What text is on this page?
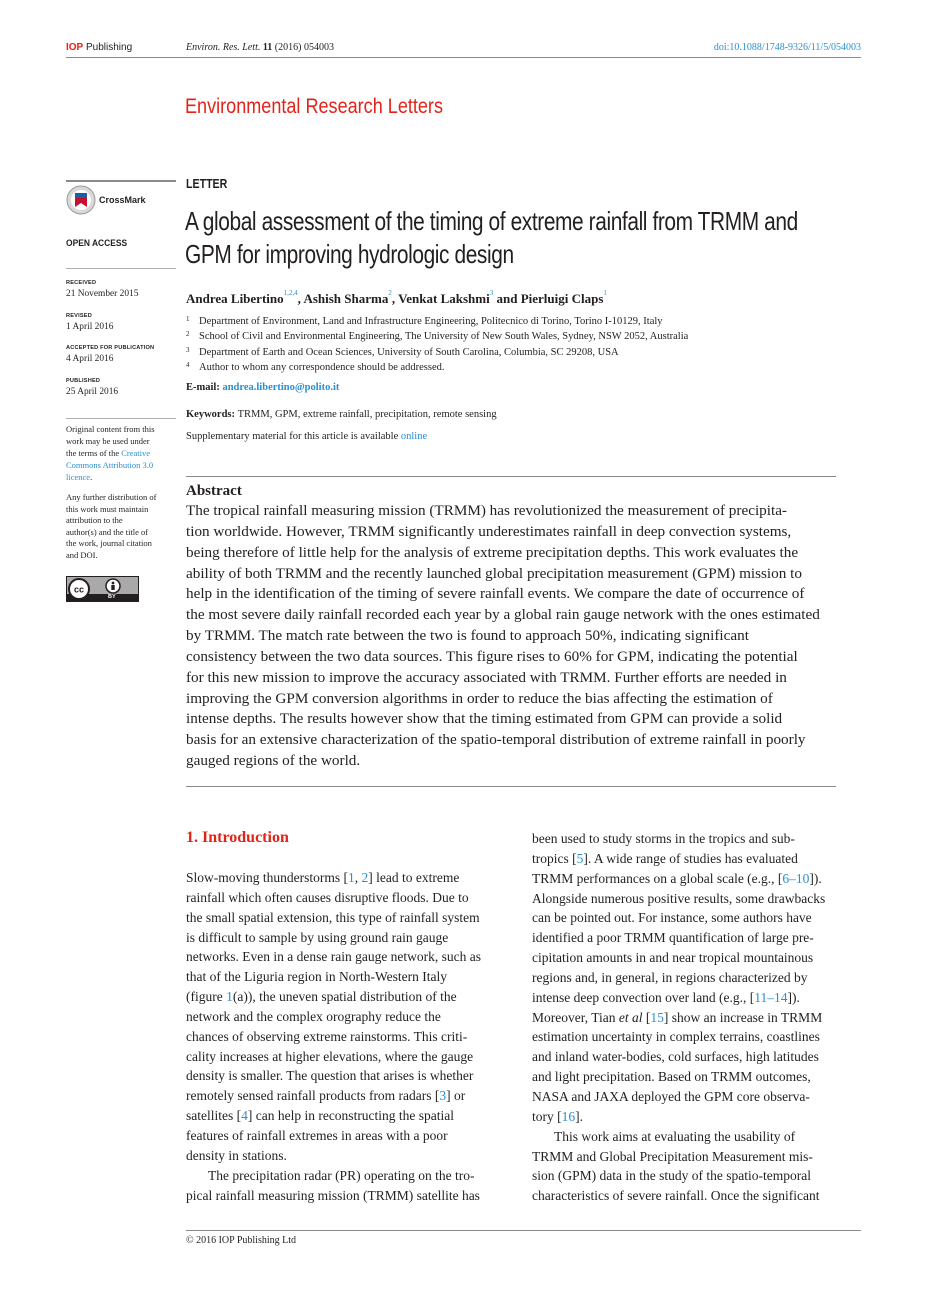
IOP Publishing	Environ. Res. Lett. 11 (2016) 054003	doi:10.1088/1748-9326/11/5/054003
Environmental Research Letters
CrossMark
OPEN ACCESS
RECEIVED
21 November 2015
REVISED
1 April 2016
ACCEPTED FOR PUBLICATION
4 April 2016
PUBLISHED
25 April 2016
Original content from this
work may be used under
the terms of the Creative
Commons Attribution 3.0
licence.
Any further distribution of
this work must maintain
attribution to the
author(s) and the title of
the work, journal citation
and DOI.
cc
BY
LETTER
A global assessment of the timing of extreme rainfall from TRMM and
GPM for improving hydrologic design
Andrea Libertino$^{1,2,4}$, Ashish Sharma$^2$, Venkat Lakshmi$^3$ and Pierluigi Claps$^1$
$^1$ Department of Environment, Land and Infrastructure Engineering, Politecnico di Torino, Torino I-10129, Italy
$^2$ School of Civil and Environmental Engineering, The University of New South Wales, Sydney, NSW 2052, Australia
$^3$ Department of Earth and Ocean Sciences, University of South Carolina, Columbia, SC 29208, USA
$^4$ Author to whom any correspondence should be addressed.
E-mail: andrea.libertino@polito.it
Keywords: TRMM, GPM, extreme rainfall, precipitation, remote sensing
Supplementary material for this article is available online
Abstract
The tropical rainfall measuring mission (TRMM) has revolutionized the measurement of precipita-
tion worldwide. However, TRMM significantly underestimates rainfall in deep convection systems,
being therefore of little help for the analysis of extreme precipitation depths. This work evaluates the
ability of both TRMM and the recently launched global precipitation measurement (GPM) mission to
help in the identification of the timing of severe rainfall events. We compare the date of occurrence of
the most severe daily rainfall recorded each year by a global rain gauge network with the ones estimated
by TRMM. The match rate between the two is found to approach 50%, indicating significant
consistency between the two data sources. This figure rises to 60% for GPM, indicating the potential
for this new mission to improve the accuracy associated with TRMM. Further efforts are needed in
improving the GPM conversion algorithms in order to reduce the bias affecting the estimation of
intense depths. The results however show that the timing estimated from GPM can provide a solid
basis for an extensive characterization of the spatio-temporal distribution of extreme rainfall in poorly
gauged regions of the world.
1. Introduction
Slow-moving thunderstorms [1, 2] lead to extreme
rainfall which often causes disruptive floods. Due to
the small spatial extension, this type of rainfall system
is difficult to sample by using ground rain gauge
networks. Even in a dense rain gauge network, such as
that of the Liguria region in North-Western Italy
(figure 1(a)), the uneven spatial distribution of the
network and the complex orography reduce the
chances of observing extreme rainstorms. This criti-
cality increases at higher elevations, where the gauge
density is smaller. The question that arises is whether
remotely sensed rainfall products from radars [3] or
satellites [4] can help in reconstructing the spatial
features of rainfall extremes in areas with a poor
density in stations.
The precipitation radar (PR) operating on the tro-
pical rainfall measuring mission (TRMM) satellite has
been used to study storms in the tropics and sub-
tropics [5]. A wide range of studies has evaluated
TRMM performances on a global scale (e.g., [6–10]).
Alongside numerous positive results, some drawbacks
can be pointed out. For instance, some authors have
identified a poor TRMM quantification of large pre-
cipitation amounts in and near tropical mountainous
regions and, in general, in regions characterized by
intense deep convection over land (e.g., [11–14]).
Moreover, Tian et al [15] show an increase in TRMM
estimation uncertainty in complex terrains, coastlines
and inland water-bodies, cold surfaces, high latitudes
and light precipitation. Based on TRMM outcomes,
NASA and JAXA deployed the GPM core observa-
tory [16].
This work aims at evaluating the usability of
TRMM and Global Precipitation Measurement mis-
sion (GPM) data in the study of the spatio-temporal
characteristics of severe rainfall. Once the significant
© 2016 IOP Publishing Ltd
